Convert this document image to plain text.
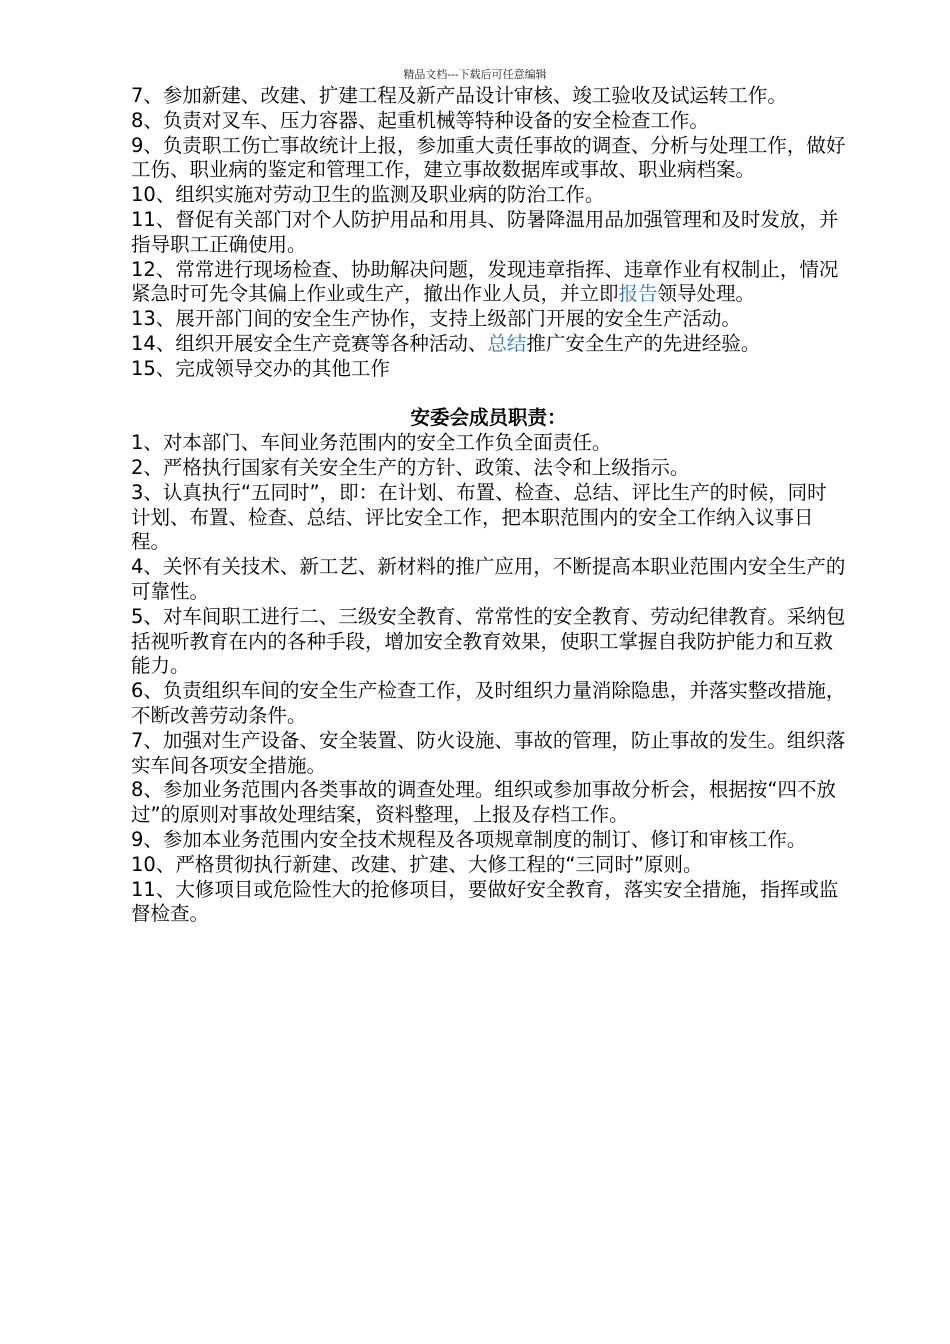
精品文档---下载后可任意编辑

7、参加新建、改建、扩建工程及新产品设计审核、竣工验收及试运转工作。

8、负责对叉车、压力容器、起重机械等特种设备的安全检查工作。

9、负责职工伤亡事故统计上报，参加重大责任事故的调查、分析与处理工作，做好工伤、职业病的鉴定和管理工作，建立事故数据库或事故、职业病档案。

10、组织实施对劳动卫生的监测及职业病的防治工作。

11、督促有关部门对个人防护用品和用具、防暑降温用品加强管理和及时发放，并指导职工正确使用。

12、常常进行现场检查、协助解决问题，发现违章指挥、违章作业有权制止，情况紧急时可先令其偏上作业或生产，撤出作业人员，并立即报告领导处理。

13、展开部门间的安全生产协作，支持上级部门开展的安全生产活动。

14、组织开展安全生产竞赛等各种活动、总结推广安全生产的先进经验。

15、完成领导交办的其他工作

安委会成员职责：

1、对本部门、车间业务范围内的安全工作负全面责任。

2、严格执行国家有关安全生产的方针、政策、法令和上级指示。

3、认真执行“五同时”，即：在计划、布置、检查、总结、评比生产的时候，同时计划、布置、检查、总结、评比安全工作，把本职范围内的安全工作纳入议事日程。

4、关怀有关技术、新工艺、新材料的推广应用，不断提高本职业范围内安全生产的可靠性。

5、对车间职工进行二、三级安全教育、常常性的安全教育、劳动纪律教育。采纳包括视听教育在内的各种手段，增加安全教育效果，使职工掌握自我防护能力和互救能力。

6、负责组织车间的安全生产检查工作，及时组织力量消除隐患，并落实整改措施，不断改善劳动条件。

7、加强对生产设备、安全装置、防火设施、事故的管理，防止事故的发生。组织落实车间各项安全措施。

8、参加业务范围内各类事故的调查处理。组织或参加事故分析会，根据按“四不放过”的原则对事故处理结案，资料整理，上报及存档工作。

9、参加本业务范围内安全技术规程及各项规章制度的制订、修订和审核工作。

10、严格贯彻执行新建、改建、扩建、大修工程的“三同时”原则。

11、大修项目或危险性大的抢修项目，要做好安全教育，落实安全措施，指挥或监督检查。
